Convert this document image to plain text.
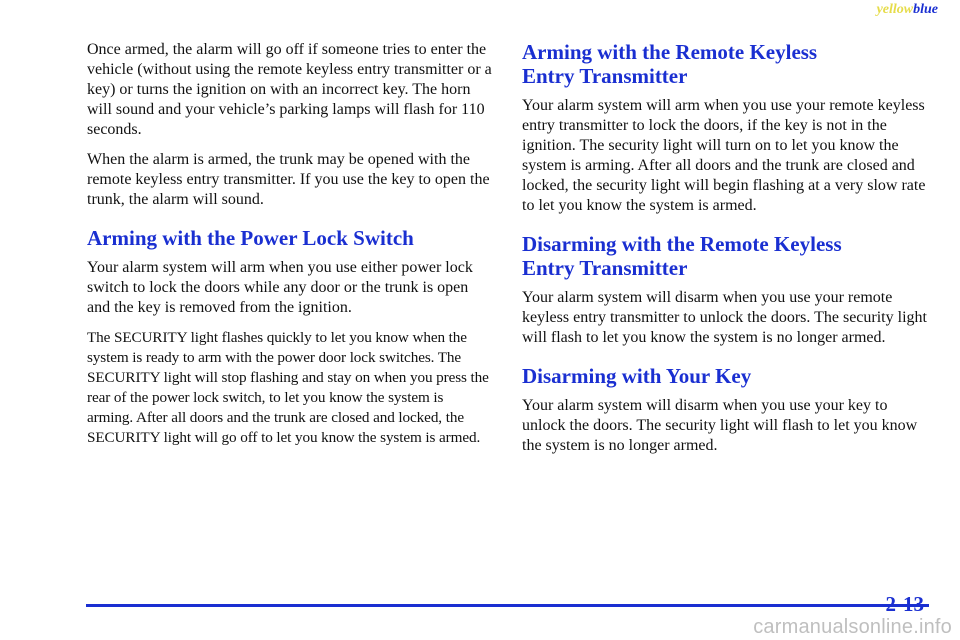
yellowblue

Once armed, the alarm will go off if someone tries to enter the vehicle (without using the remote keyless entry transmitter or a key) or turns the ignition on with an incorrect key. The horn will sound and your vehicle’s parking lamps will flash for 110 seconds.

When the alarm is armed, the trunk may be opened with the remote keyless entry transmitter. If you use the key to open the trunk, the alarm will sound.

Arming with the Power Lock Switch

Your alarm system will arm when you use either power lock switch to lock the doors while any door or the trunk is open and the key is removed from the ignition.

The SECURITY light flashes quickly to let you know when the system is ready to arm with the power door lock switches. The SECURITY light will stop flashing and stay on when you press the rear of the power lock switch, to let you know the system is arming. After all doors and the trunk are closed and locked, the SECURITY light will go off to let you know the system is armed.

Arming with the Remote Keyless
Entry Transmitter

Your alarm system will arm when you use your remote keyless entry transmitter to lock the doors, if the key is not in the ignition. The security light will turn on to let you know the system is arming. After all doors and the trunk are closed and locked, the security light will begin flashing at a very slow rate to let you know the system is armed.

Disarming with the Remote Keyless
Entry Transmitter

Your alarm system will disarm when you use your remote keyless entry transmitter to unlock the doors. The security light will flash to let you know the system is no longer armed.

Disarming with Your Key

Your alarm system will disarm when you use your key to unlock the doors. The security light will flash to let you know the system is no longer armed.

2-13
carmanualsonline.info
